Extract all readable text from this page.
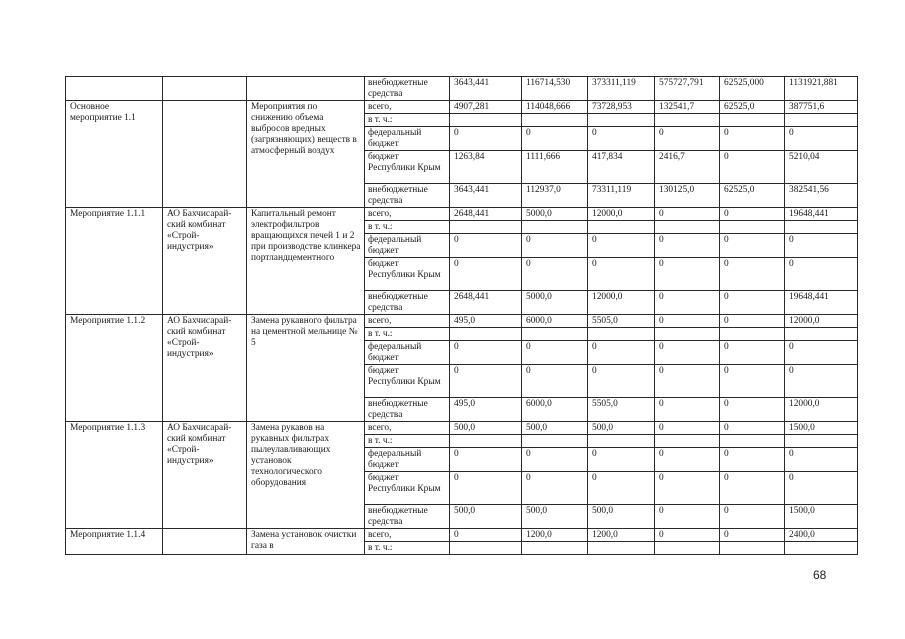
			внебюджетные средства	3643,441	116714,530	373311,119	575727,791	62525,000	1131921,881
Основное мероприятие 1.1		Мероприятия по снижению объема выбросов вредных (загрязняющих) веществ в атмосферный воздух	всего,	4907,281	114048,666	73728,953	132541,7	62525,0	387751,6
			в т. ч.:						
			федеральный бюджет	0	0	0	0	0	0
			бюджет Республики Крым	1263,84	1111,666	417,834	2416,7	0	5210,04
			внебюджетные средства	3643,441	112937,0	73311,119	130125,0	62525,0	382541,56
Мероприятие 1.1.1	АО Бахчисарай-ский комбинат «Строй-индустрия»	Капитальный ремонт электрофильтров вращающихся печей 1 и 2 при производстве клинкера портландцементного	всего,	2648,441	5000,0	12000,0	0	0	19648,441
			в т. ч.:						
			федеральный бюджет	0	0	0	0	0	0
			бюджет Республики Крым	0	0	0	0	0	0
			внебюджетные средства	2648,441	5000,0	12000,0	0	0	19648,441
Мероприятие 1.1.2	АО Бахчисарай-ский комбинат «Строй-индустрия»	Замена рукавного фильтра на цементной мельнице № 5	всего,	495,0	6000,0	5505,0	0	0	12000,0
			в т. ч.:						
			федеральный бюджет	0	0	0	0	0	0
			бюджет Республики Крым	0	0	0	0	0	0
			внебюджетные средства	495,0	6000,0	5505,0	0	0	12000,0
Мероприятие 1.1.3	АО Бахчисарай-ский комбинат «Строй-индустрия»	Замена рукавов на рукавных фильтрах пылеулавливающих установок технологического оборудования	всего,	500,0	500,0	500,0	0	0	1500,0
			в т. ч.:						
			федеральный бюджет	0	0	0	0	0	0
			бюджет Республики Крым	0	0	0	0	0	0
			внебюджетные средства	500,0	500,0	500,0	0	0	1500,0
Мероприятие 1.1.4		Замена установок очистки газа в	всего,	0	1200,0	1200,0	0	0	2400,0
			в т. ч.:						
68
